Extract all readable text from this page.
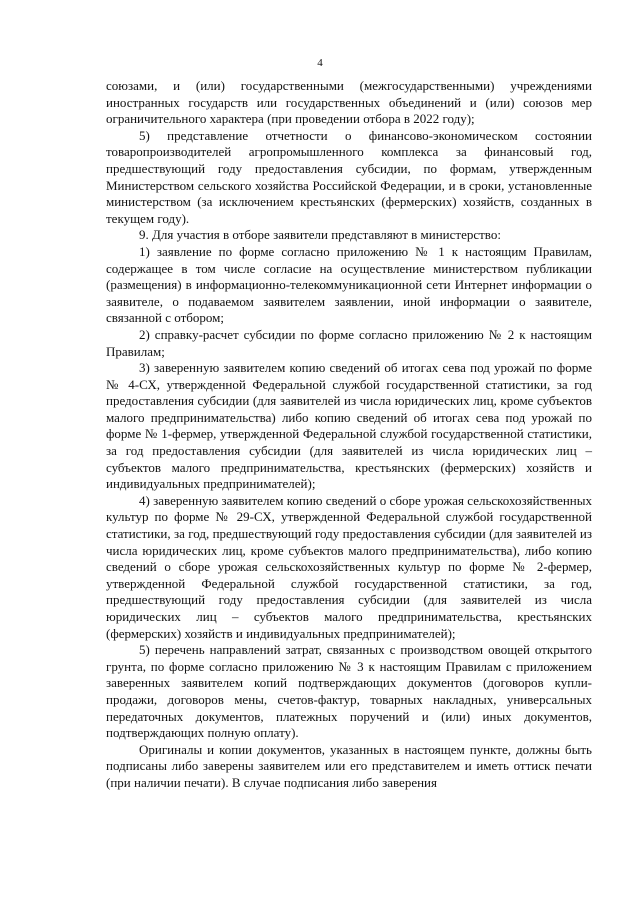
4

союзами, и (или) государственными (межгосударственными) учреждениями иностранных государств или государственных объединений и (или) союзов мер ограничительного характера (при проведении отбора в 2022 году);

5) представление отчетности о финансово-экономическом состоянии товаропроизводителей агропромышленного комплекса за финансовый год, предшествующий году предоставления субсидии, по формам, утвержденным Министерством сельского хозяйства Российской Федерации, и в сроки, установленные министерством (за исключением крестьянских (фермерских) хозяйств, созданных в текущем году).

9. Для участия в отборе заявители представляют в министерство:

1) заявление по форме согласно приложению № 1 к настоящим Правилам, содержащее в том числе согласие на осуществление министерством публикации (размещения) в информационно-телекоммуникационной сети Интернет информации о заявителе, о подаваемом заявителем заявлении, иной информации о заявителе, связанной с отбором;

2) справку-расчет субсидии по форме согласно приложению № 2 к настоящим Правилам;

3) заверенную заявителем копию сведений об итогах сева под урожай по форме № 4-СХ, утвержденной Федеральной службой государственной статистики, за год предоставления субсидии (для заявителей из числа юридических лиц, кроме субъектов малого предпринимательства) либо копию сведений об итогах сева под урожай по форме № 1-фермер, утвержденной Федеральной службой государственной статистики, за год предоставления субсидии (для заявителей из числа юридических лиц – субъектов малого предпринимательства, крестьянских (фермерских) хозяйств и индивидуальных предпринимателей);

4) заверенную заявителем копию сведений о сборе урожая сельскохозяйственных культур по форме № 29-СХ, утвержденной Федеральной службой государственной статистики, за год, предшествующий году предоставления субсидии (для заявителей из числа юридических лиц, кроме субъектов малого предпринимательства), либо копию сведений о сборе урожая сельскохозяйственных культур по форме № 2-фермер, утвержденной Федеральной службой государственной статистики, за год, предшествующий году предоставления субсидии (для заявителей из числа юридических лиц – субъектов малого предпринимательства, крестьянских (фермерских) хозяйств и индивидуальных предпринимателей);

5) перечень направлений затрат, связанных с производством овощей открытого грунта, по форме согласно приложению № 3 к настоящим Правилам с приложением заверенных заявителем копий подтверждающих документов (договоров купли-продажи, договоров мены, счетов-фактур, товарных накладных, универсальных передаточных документов, платежных поручений и (или) иных документов, подтверждающих полную оплату).

Оригиналы и копии документов, указанных в настоящем пункте, должны быть подписаны либо заверены заявителем или его представителем и иметь оттиск печати (при наличии печати). В случае подписания либо заверения
